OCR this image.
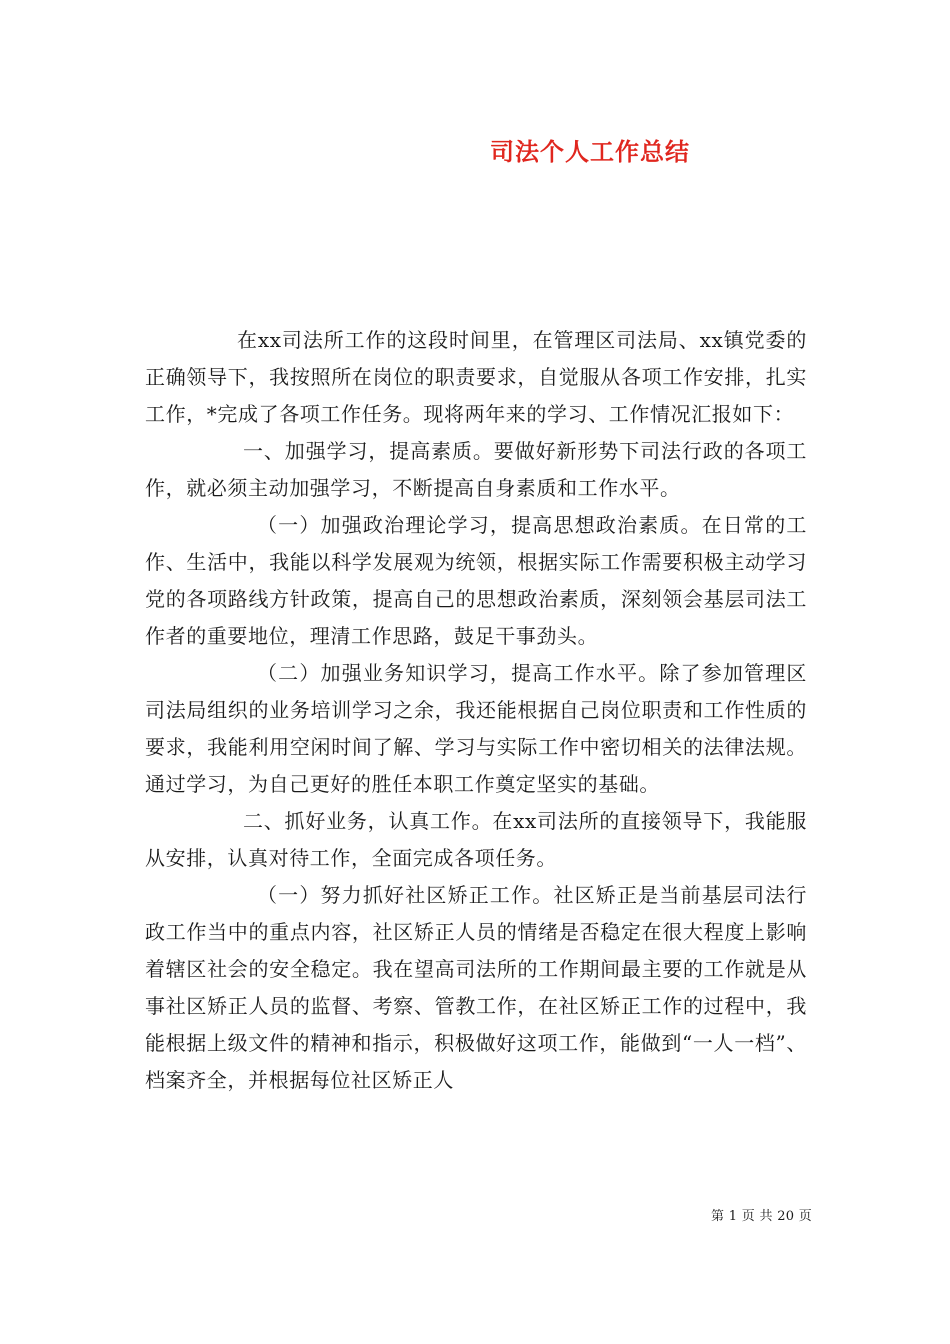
司法个人工作总结

在xx司法所工作的这段时间里，在管理区司法局、xx镇党委的正确领导下，我按照所在岗位的职责要求，自觉服从各项工作安排，扎实工作，*完成了各项工作任务。现将两年来的学习、工作情况汇报如下：

一、加强学习，提高素质。要做好新形势下司法行政的各项工作，就必须主动加强学习，不断提高自身素质和工作水平。

（一）加强政治理论学习，提高思想政治素质。在日常的工作、生活中，我能以科学发展观为统领，根据实际工作需要积极主动学习党的各项路线方针政策，提高自己的思想政治素质，深刻领会基层司法工作者的重要地位，理清工作思路，鼓足干事劲头。

（二）加强业务知识学习，提高工作水平。除了参加管理区司法局组织的业务培训学习之余，我还能根据自己岗位职责和工作性质的要求，我能利用空闲时间了解、学习与实际工作中密切相关的法律法规。通过学习，为自己更好的胜任本职工作奠定坚实的基础。

二、抓好业务，认真工作。在xx司法所的直接领导下，我能服从安排，认真对待工作，全面完成各项任务。

（一）努力抓好社区矫正工作。社区矫正是当前基层司法行政工作当中的重点内容，社区矫正人员的情绪是否稳定在很大程度上影响着辖区社会的安全稳定。我在望高司法所的工作期间最主要的工作就是从事社区矫正人员的监督、考察、管教工作，在社区矫正工作的过程中，我能根据上级文件的精神和指示，积极做好这项工作，能做到“一人一档”、档案齐全，并根据每位社区矫正人

第 1 页 共 20 页
